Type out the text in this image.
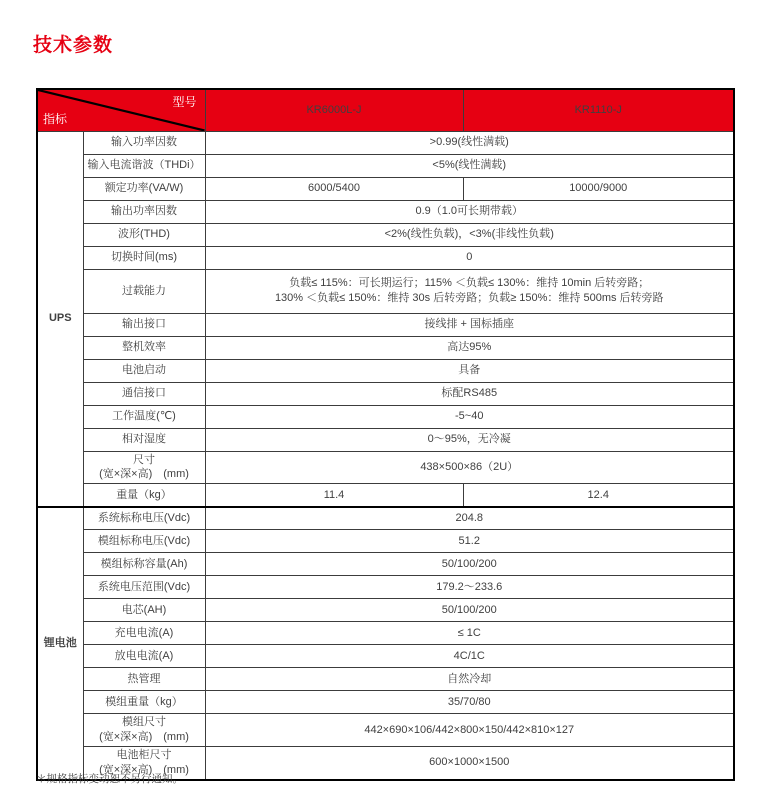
技术参数
型号
指标		KR6000L-J	KR1110-J
UPS	输入功率因数	>0.99(线性满载)	
	输入电流谐波（THDi）	<5%(线性满载)	
	额定功率(VA/W)	6000/5400	10000/9000
	输出功率因数	0.9（1.0可长期带载）	
	波形(THD)	<2%(线性负载)，<3%(非线性负载)	
	切换时间(ms)	0	
	过载能力	负载≤ 115%：可长期运行；115% ＜负载≤ 130%：维持 10min 后转旁路；
130% ＜负载≤ 150%：维持 30s 后转旁路；负载≥ 150%：维持 500ms 后转旁路	

	输出接口	接线排 + 国标插座	
	整机效率	高达95%	
	电池启动	具备	
	通信接口	标配RS485	
	工作温度(℃)	-5~40	
	相对湿度	0～95%，无冷凝	

	尺寸
(宽×深×高)　(mm)	438×500×86（2U）	
	重量（kg）	11.4	12.4
锂电池	系统标称电压(Vdc)	204.8	
	模组标称电压(Vdc)	51.2	
	模组标称容量(Ah)	50/100/200	
	系统电压范围(Vdc)	179.2～233.6	
	电芯(AH)	50/100/200	
	充电电流(A)	≤ 1C	
	放电电流(A)	4C/1C	
	热管理	自然冷却	
	模组重量（kg）	35/70/80	

	模组尺寸
(宽×深×高)　(mm)	442×690×106/442×800×150/442×810×127	

	电池柜尺寸
(宽×深×高)　(mm)	600×1000×1500	
＊规格指标变动恕不另行通知。
